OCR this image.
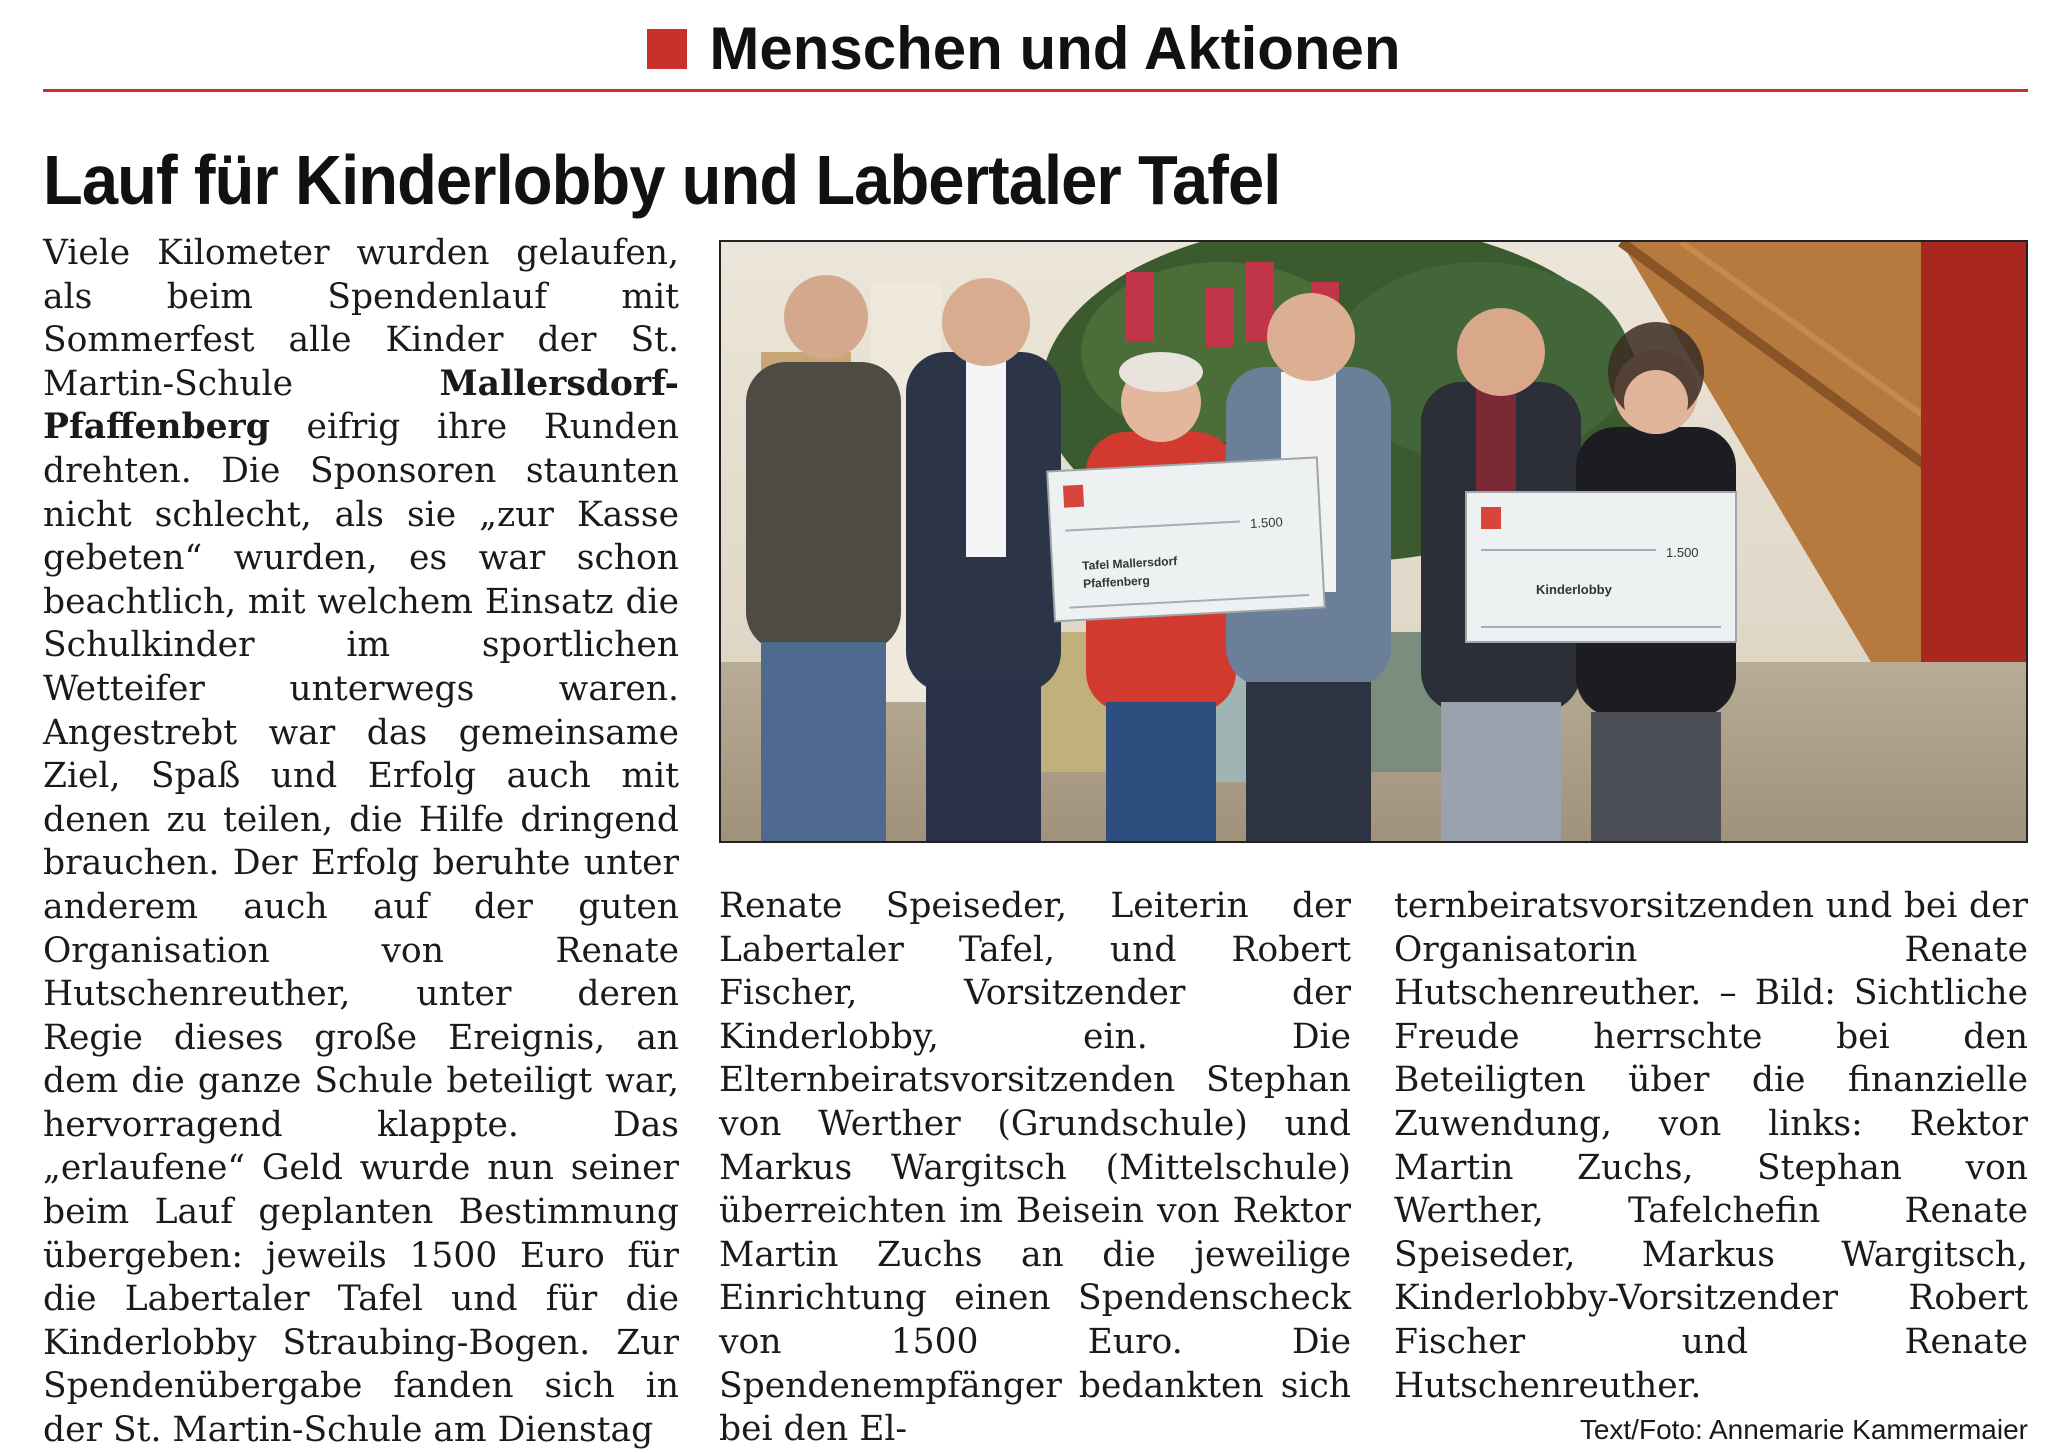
Menschen und Aktionen
Lauf für Kinderlobby und Labertaler Tafel

Viele Kilometer wurden gelaufen, als beim Spendenlauf mit Sommerfest alle Kinder der St. Martin-Schule Mallersdorf-Pfaffenberg eifrig ihre Runden drehten. Die Sponsoren staunten nicht schlecht, als sie „zur Kasse gebeten“ wurden, es war schon beachtlich, mit welchem Einsatz die Schulkinder im sportlichen Wetteifer unterwegs waren. Angestrebt war das gemeinsame Ziel, Spaß und Erfolg auch mit denen zu teilen, die Hilfe dringend brauchen. Der Erfolg beruhte unter anderem auch auf der guten Organisation von Renate Hutschenreuther, unter deren Regie dieses große Ereignis, an dem die ganze Schule beteiligt war, hervorragend klappte. Das „erlaufene“ Geld wurde nun seiner beim Lauf geplanten Bestimmung übergeben: jeweils 1500 Euro für die Labertaler Tafel und für die Kinderlobby Straubing-Bogen. Zur Spendenübergabe fanden sich in der St. Martin-Schule am Dienstag

1.500
Tafel Mallersdorf
Pfaffenberg
1.500
Kinderlobby

Renate Speiseder, Leiterin der Labertaler Tafel, und Robert Fischer, Vorsitzender der Kinderlobby, ein. Die Elternbeiratsvorsitzenden Stephan von Werther (Grundschule) und Markus Wargitsch (Mittelschule) überreichten im Beisein von Rektor Martin Zuchs an die jeweilige Einrichtung einen Spendenscheck von 1500 Euro. Die Spendenempfänger bedankten sich bei den El-

ternbeiratsvorsitzenden und bei der Organisatorin Renate Hutschenreuther. – Bild: Sichtliche Freude herrschte bei den Beteiligten über die finanzielle Zuwendung, von links: Rektor Martin Zuchs, Stephan von Werther, Tafelchefin Renate Speiseder, Markus Wargitsch, Kinderlobby-Vorsitzender Robert Fischer und Renate Hutschenreuther.
Text/Foto: Annemarie Kammermaier
